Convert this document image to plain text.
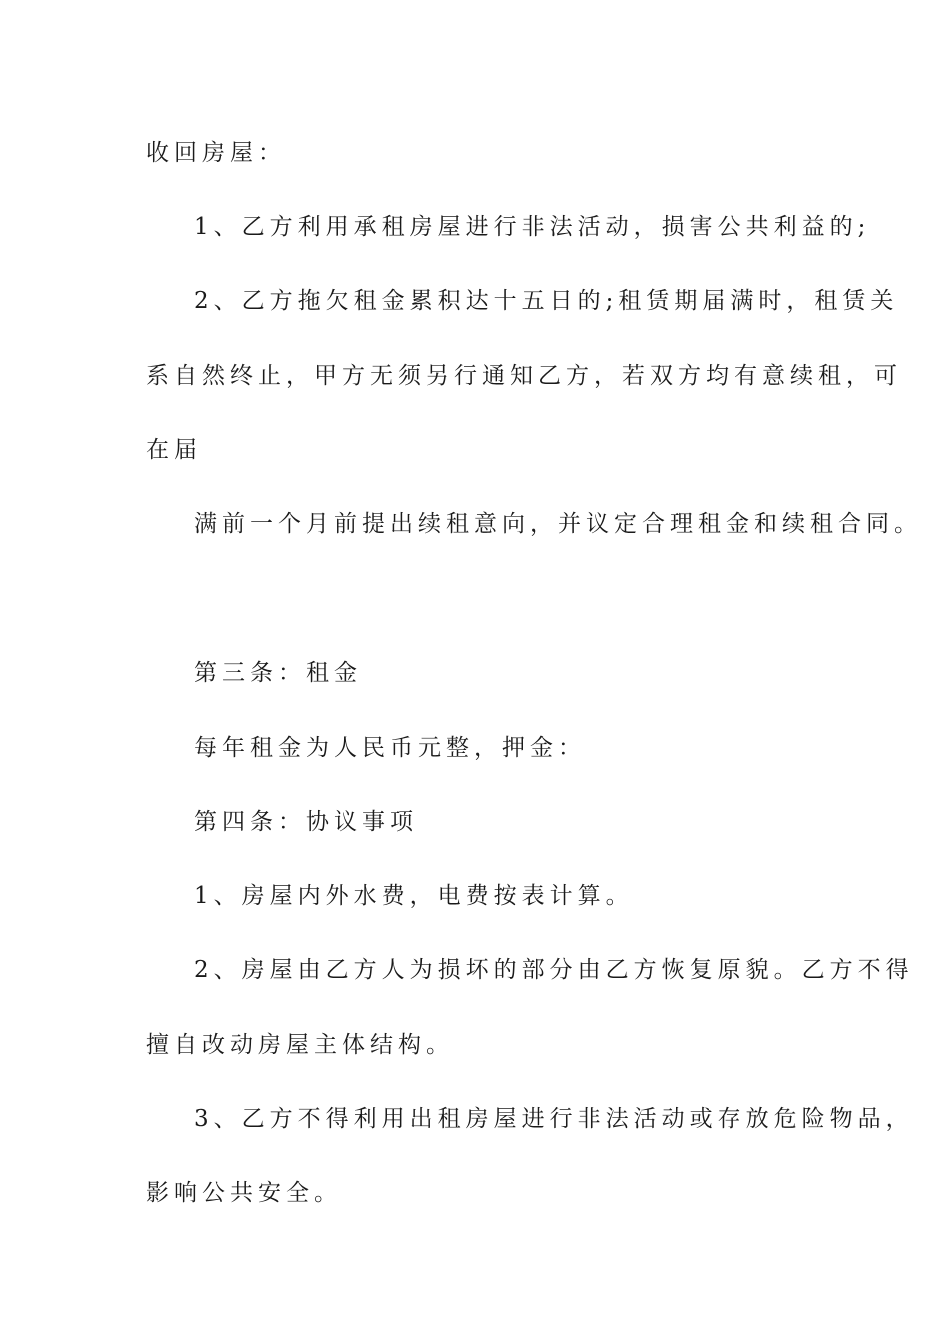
收回房屋：
1、乙方利用承租房屋进行非法活动，损害公共利益的;
2、乙方拖欠租金累积达十五日的;租赁期届满时，租赁关
系自然终止，甲方无须另行通知乙方，若双方均有意续租，可
在届
满前一个月前提出续租意向，并议定合理租金和续租合同。
第三条：租金
每年租金为人民币元整，押金：
第四条：协议事项
1、房屋内外水费，电费按表计算。
2、房屋由乙方人为损坏的部分由乙方恢复原貌。乙方不得
擅自改动房屋主体结构。
3、乙方不得利用出租房屋进行非法活动或存放危险物品，
影响公共安全。
